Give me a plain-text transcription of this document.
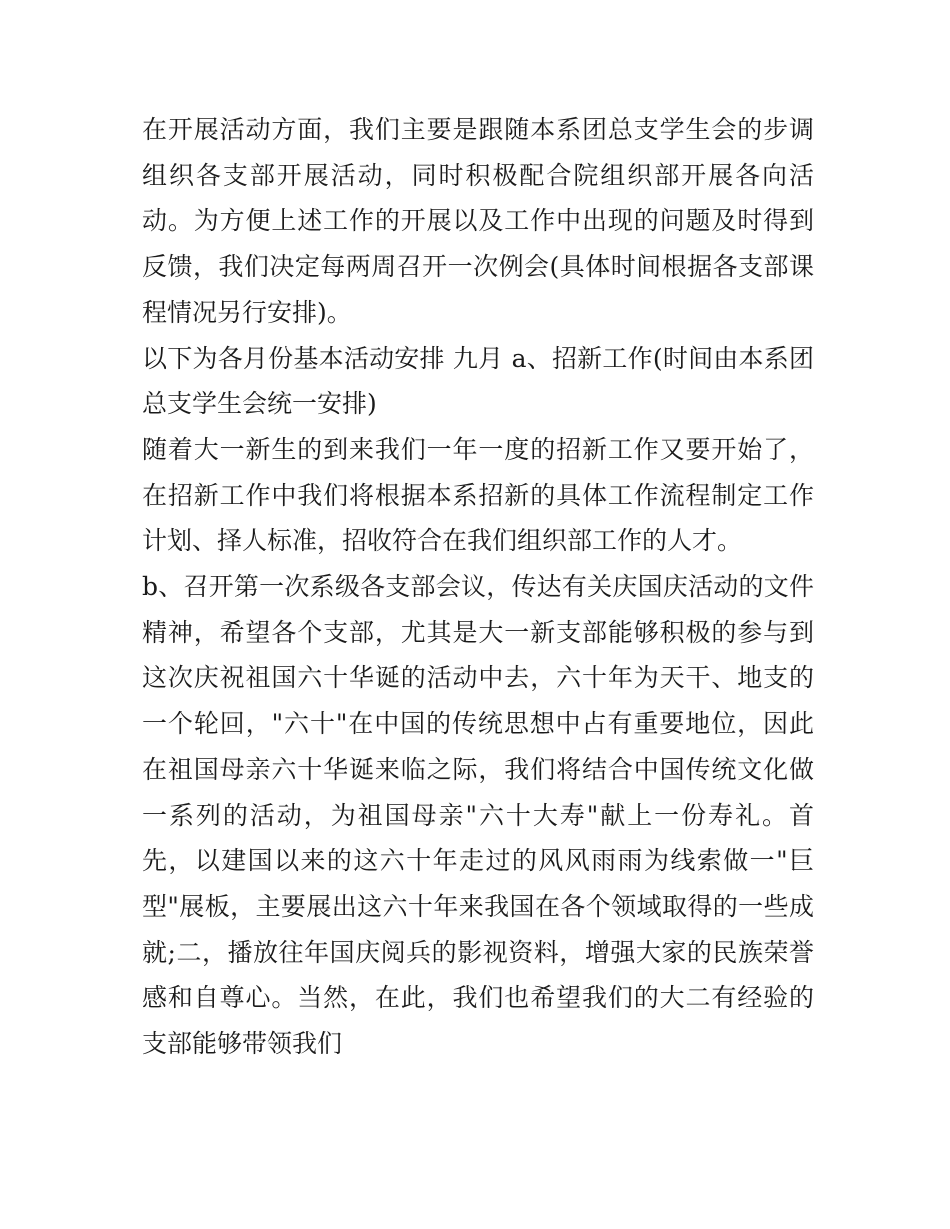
在开展活动方面，我们主要是跟随本系团总支学生会的步调组织各支部开展活动，同时积极配合院组织部开展各向活动。为方便上述工作的开展以及工作中出现的问题及时得到反馈，我们决定每两周召开一次例会(具体时间根据各支部课程情况另行安排)。

以下为各月份基本活动安排 九月 a、招新工作(时间由本系团总支学生会统一安排)

随着大一新生的到来我们一年一度的招新工作又要开始了，在招新工作中我们将根据本系招新的具体工作流程制定工作计划、择人标准，招收符合在我们组织部工作的人才。

b、召开第一次系级各支部会议，传达有关庆国庆活动的文件精神，希望各个支部，尤其是大一新支部能够积极的参与到这次庆祝祖国六十华诞的活动中去，六十年为天干、地支的一个轮回，"六十"在中国的传统思想中占有重要地位，因此在祖国母亲六十华诞来临之际，我们将结合中国传统文化做一系列的活动，为祖国母亲"六十大寿"献上一份寿礼。首先，以建国以来的这六十年走过的风风雨雨为线索做一"巨型"展板，主要展出这六十年来我国在各个领域取得的一些成就;二，播放往年国庆阅兵的影视资料，增强大家的民族荣誉感和自尊心。当然，在此，我们也希望我们的大二有经验的支部能够带领我们
